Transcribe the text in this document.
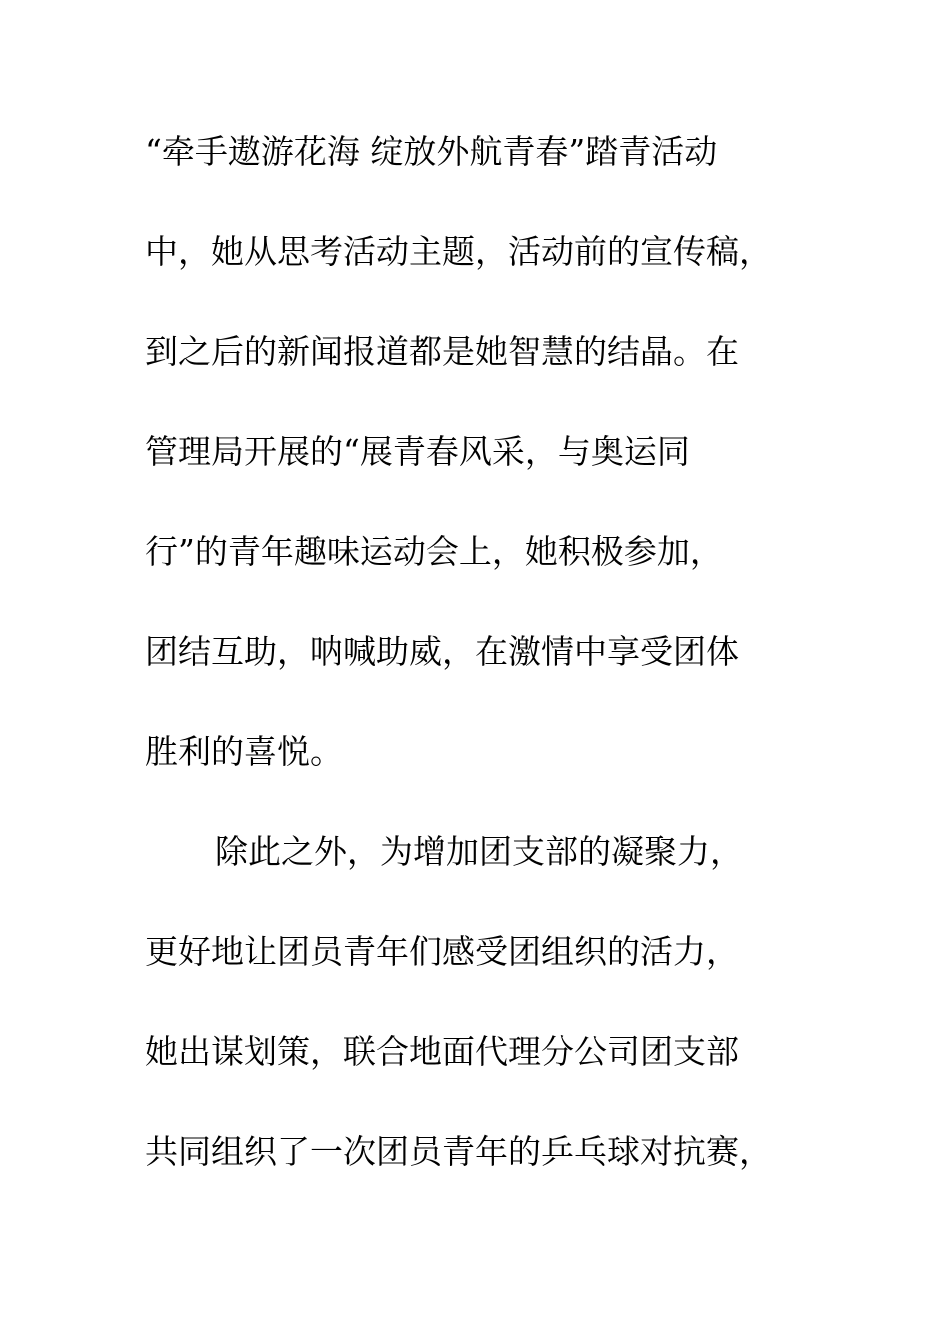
“牵手遨游花海 绽放外航青春”踏青活动
中，她从思考活动主题，活动前的宣传稿，
到之后的新闻报道都是她智慧的结晶。在
管理局开展的“展青春风采，与奥运同
行”的青年趣味运动会上，她积极参加，
团结互助，呐喊助威，在激情中享受团体
胜利的喜悦。
除此之外，为增加团支部的凝聚力，
更好地让团员青年们感受团组织的活力，
她出谋划策，联合地面代理分公司团支部
共同组织了一次团员青年的乒乓球对抗赛，
